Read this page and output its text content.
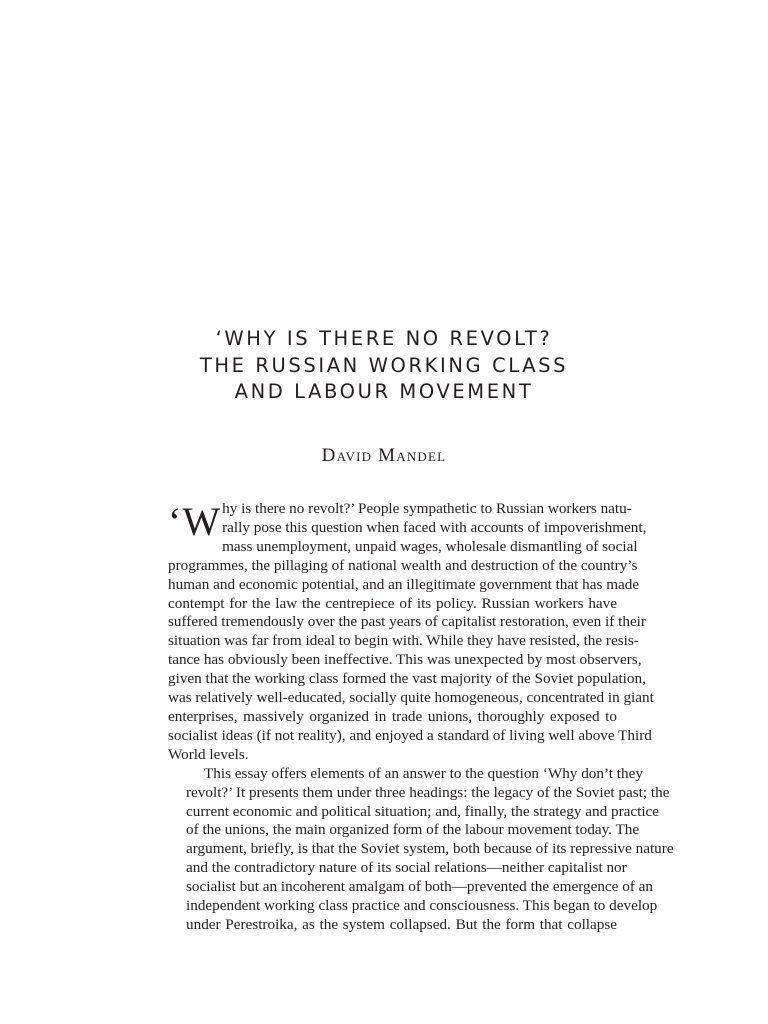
‘WHY IS THERE NO REVOLT?
THE RUSSIAN WORKING CLASS
AND LABOUR MOVEMENT
David Mandel
‘ W hy is there no revolt?’ People sympathetic to Russian workers natu-
rally pose this question when faced with accounts of impoverishment,
mass unemployment, unpaid wages, wholesale dismantling of social
programmes, the pillaging of national wealth and destruction of the country’s
human and economic potential, and an illegitimate government that has made
contempt for the law the centrepiece of its policy. Russian workers have
suffered tremendously over the past years of capitalist restoration, even if their
situation was far from ideal to begin with. While they have resisted, the resis-
tance has obviously been ineffective. This was unexpected by most observers,
given that the working class formed the vast majority of the Soviet population,
was relatively well-educated, socially quite homogeneous, concentrated in giant
enterprises, massively organized in trade unions, thoroughly exposed to
socialist ideas (if not reality), and enjoyed a standard of living well above Third
World levels.
This essay offers elements of an answer to the question ‘Why don’t they
revolt?’ It presents them under three headings: the legacy of the Soviet past; the
current economic and political situation; and, finally, the strategy and practice
of the unions, the main organized form of the labour movement today. The
argument, briefly, is that the Soviet system, both because of its repressive nature
and the contradictory nature of its social relations—neither capitalist nor
socialist but an incoherent amalgam of both—prevented the emergence of an
independent working class practice and consciousness. This began to develop
under Perestroika, as the system collapsed. But the form that collapse
